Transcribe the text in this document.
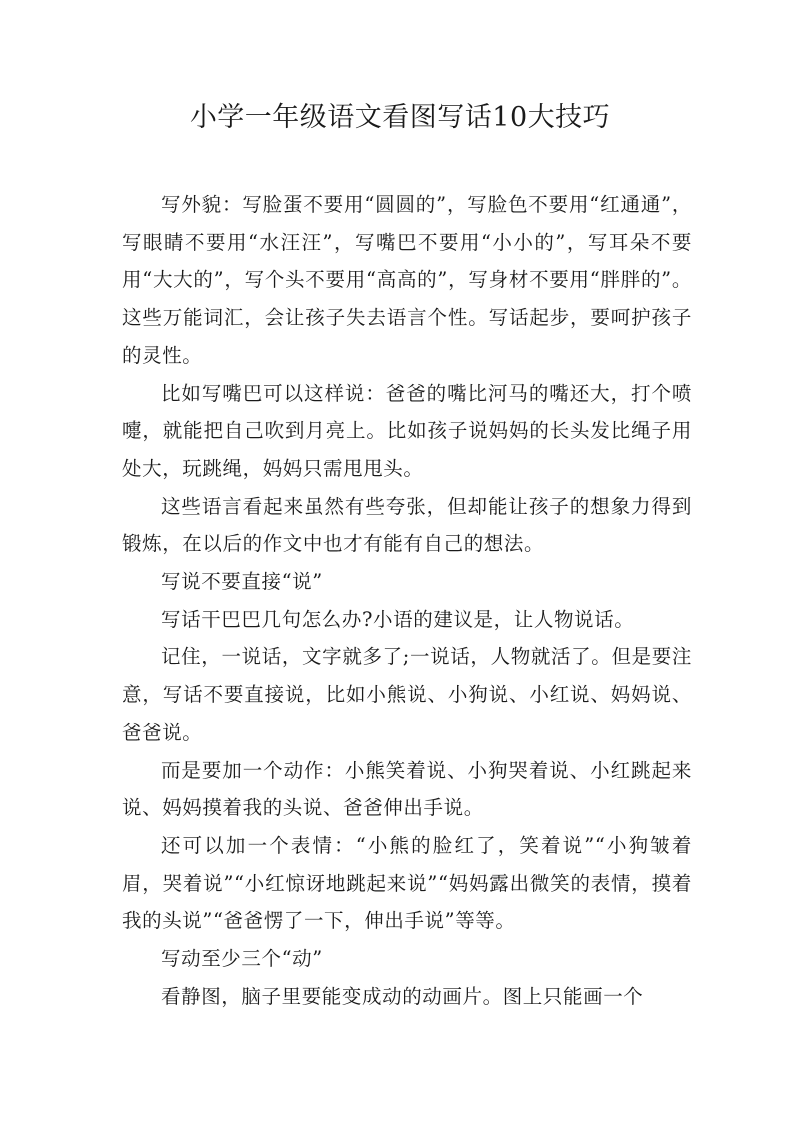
小学一年级语文看图写话10大技巧

写外貌：写脸蛋不要用“圆圆的”，写脸色不要用“红通通”，写眼睛不要用“水汪汪”，写嘴巴不要用“小小的”，写耳朵不要用“大大的”，写个头不要用“高高的”，写身材不要用“胖胖的”。这些万能词汇，会让孩子失去语言个性。写话起步，要呵护孩子的灵性。

比如写嘴巴可以这样说：爸爸的嘴比河马的嘴还大，打个喷嚏，就能把自己吹到月亮上。比如孩子说妈妈的长头发比绳子用处大，玩跳绳，妈妈只需甩甩头。

这些语言看起来虽然有些夸张，但却能让孩子的想象力得到锻炼，在以后的作文中也才有能有自己的想法。

写说不要直接“说”

写话干巴巴几句怎么办?小语的建议是，让人物说话。

记住，一说话，文字就多了;一说话，人物就活了。但是要注意，写话不要直接说，比如小熊说、小狗说、小红说、妈妈说、爸爸说。

而是要加一个动作：小熊笑着说、小狗哭着说、小红跳起来说、妈妈摸着我的头说、爸爸伸出手说。

还可以加一个表情：“小熊的脸红了，笑着说”“小狗皱着眉，哭着说”“小红惊讶地跳起来说”“妈妈露出微笑的表情，摸着我的头说”“爸爸愣了一下，伸出手说”等等。

写动至少三个“动”

看静图，脑子里要能变成动的动画片。图上只能画一个
